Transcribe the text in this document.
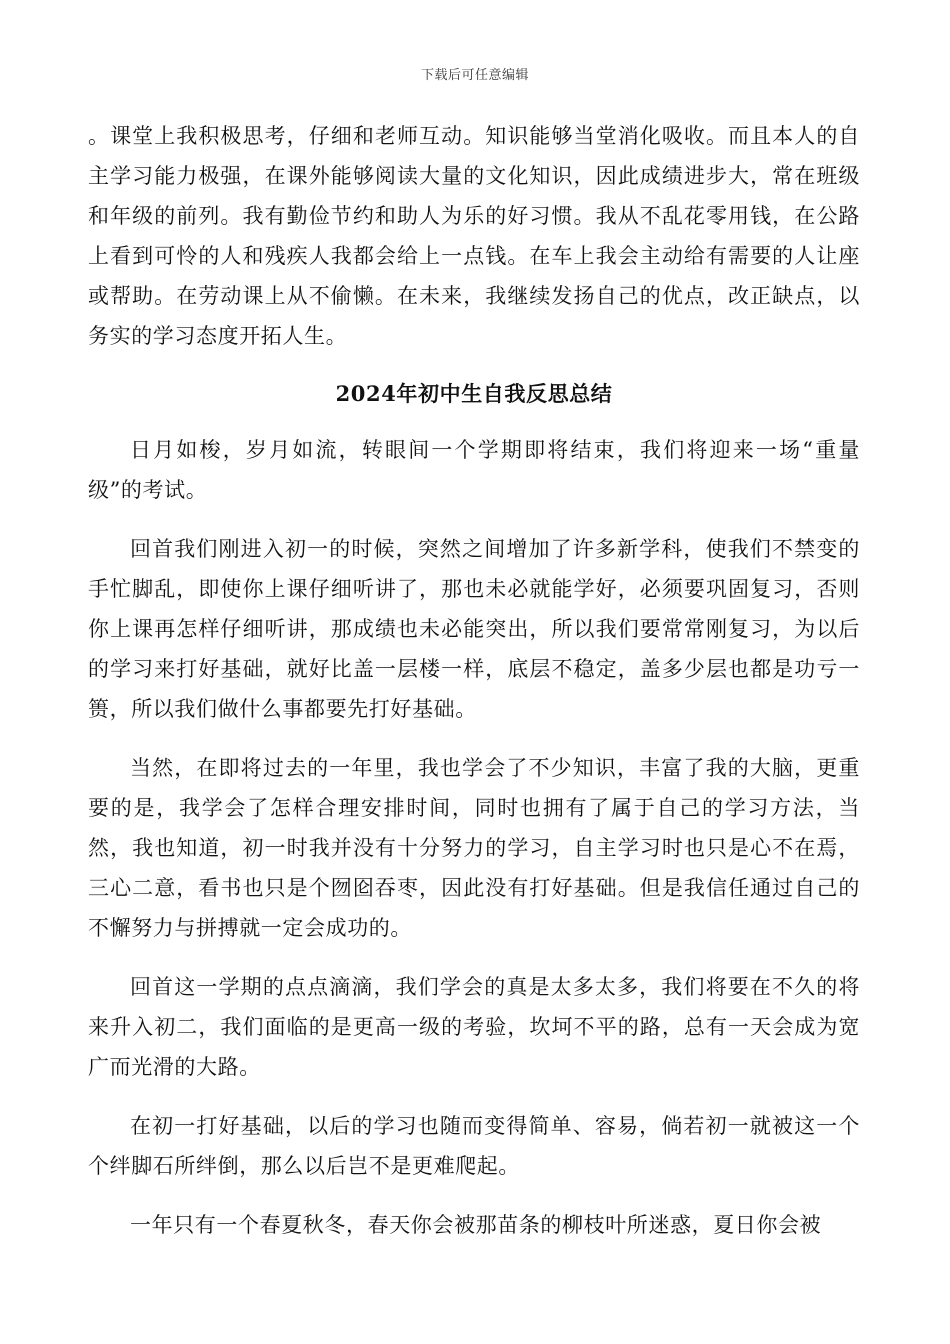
下载后可任意编辑

。课堂上我积极思考，仔细和老师互动。知识能够当堂消化吸收。而且本人的自主学习能力极强，在课外能够阅读大量的文化知识，因此成绩进步大，常在班级和年级的前列。我有勤俭节约和助人为乐的好习惯。我从不乱花零用钱，在公路上看到可怜的人和残疾人我都会给上一点钱。在车上我会主动给有需要的人让座或帮助。在劳动课上从不偷懒。在未来，我继续发扬自己的优点，改正缺点，以务实的学习态度开拓人生。

2024年初中生自我反思总结

日月如梭，岁月如流，转眼间一个学期即将结束，我们将迎来一场“重量级”的考试。

回首我们刚进入初一的时候，突然之间增加了许多新学科，使我们不禁变的手忙脚乱，即使你上课仔细听讲了，那也未必就能学好，必须要巩固复习，否则你上课再怎样仔细听讲，那成绩也未必能突出，所以我们要常常刚复习，为以后的学习来打好基础，就好比盖一层楼一样，底层不稳定，盖多少层也都是功亏一篑，所以我们做什么事都要先打好基础。

当然，在即将过去的一年里，我也学会了不少知识，丰富了我的大脑，更重要的是，我学会了怎样合理安排时间，同时也拥有了属于自己的学习方法，当然，我也知道，初一时我并没有十分努力的学习，自主学习时也只是心不在焉，三心二意，看书也只是个囫囵吞枣，因此没有打好基础。但是我信任通过自己的不懈努力与拼搏就一定会成功的。

回首这一学期的点点滴滴，我们学会的真是太多太多，我们将要在不久的将来升入初二，我们面临的是更高一级的考验，坎坷不平的路，总有一天会成为宽广而光滑的大路。

在初一打好基础，以后的学习也随而变得简单、容易，倘若初一就被这一个个绊脚石所绊倒，那么以后岂不是更难爬起。

一年只有一个春夏秋冬，春天你会被那苗条的柳枝叶所迷惑，夏日你会被
